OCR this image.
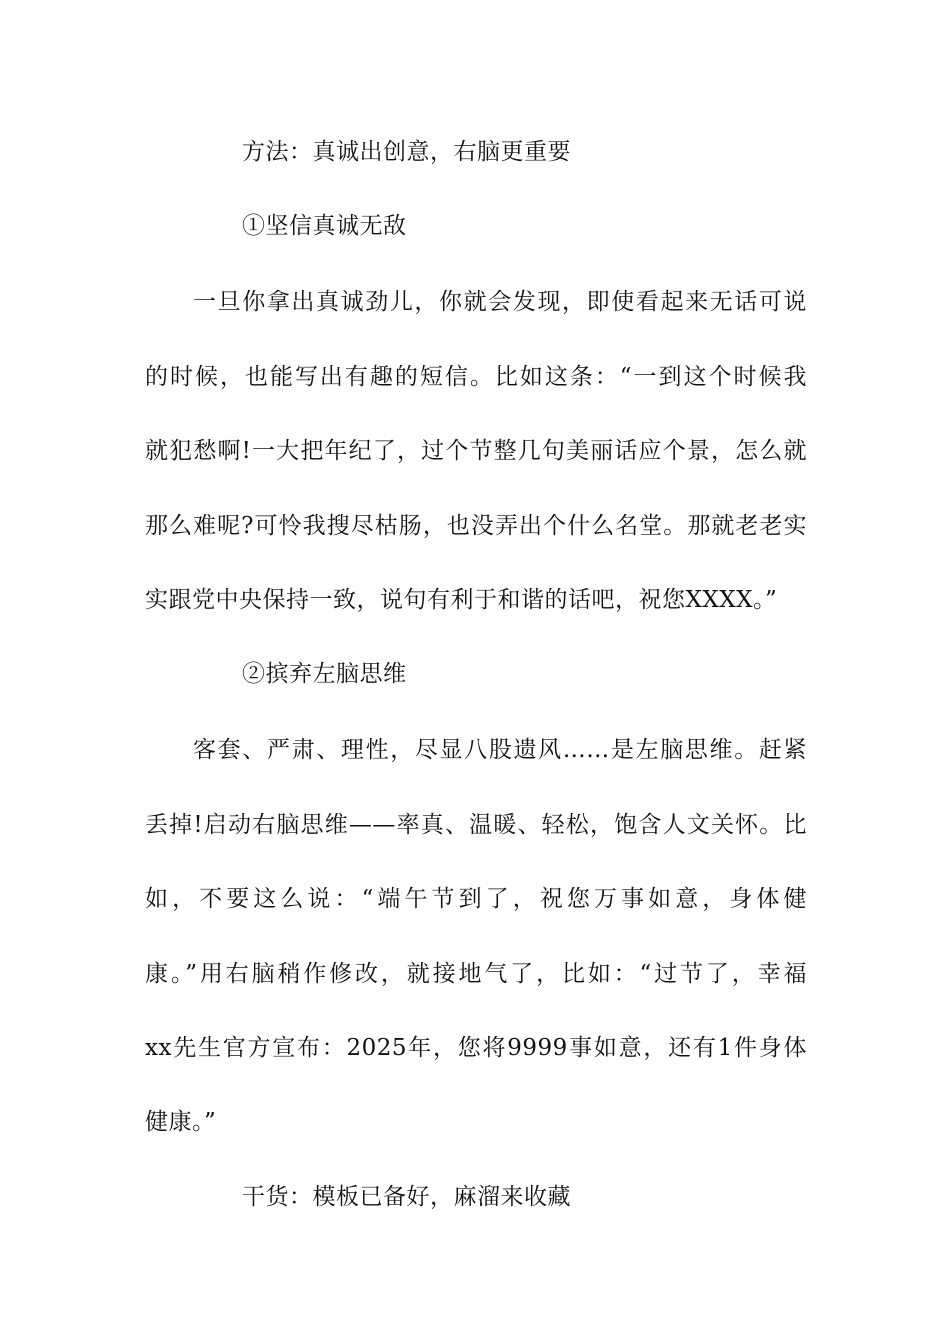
方法：真诚出创意，右脑更重要
①坚信真诚无敌
一旦你拿出真诚劲儿，你就会发现，即使看起来无话可说
的时候，也能写出有趣的短信。比如这条：“一到这个时候我
就犯愁啊!一大把年纪了，过个节整几句美丽话应个景，怎么就
那么难呢?可怜我搜尽枯肠，也没弄出个什么名堂。那就老老实
实跟党中央保持一致，说句有利于和谐的话吧，祝您XXXX。”
②摈弃左脑思维
客套、严肃、理性，尽显八股遗风……是左脑思维。赶紧
丢掉!启动右脑思维——率真、温暖、轻松，饱含人文关怀。比
如，不要这么说：“端午节到了，祝您万事如意，身体健
康。”用右脑稍作修改，就接地气了，比如：“过节了，幸福
xx先生官方宣布：2025年，您将9999事如意，还有1件身体
健康。”
干货：模板已备好，麻溜来收藏
